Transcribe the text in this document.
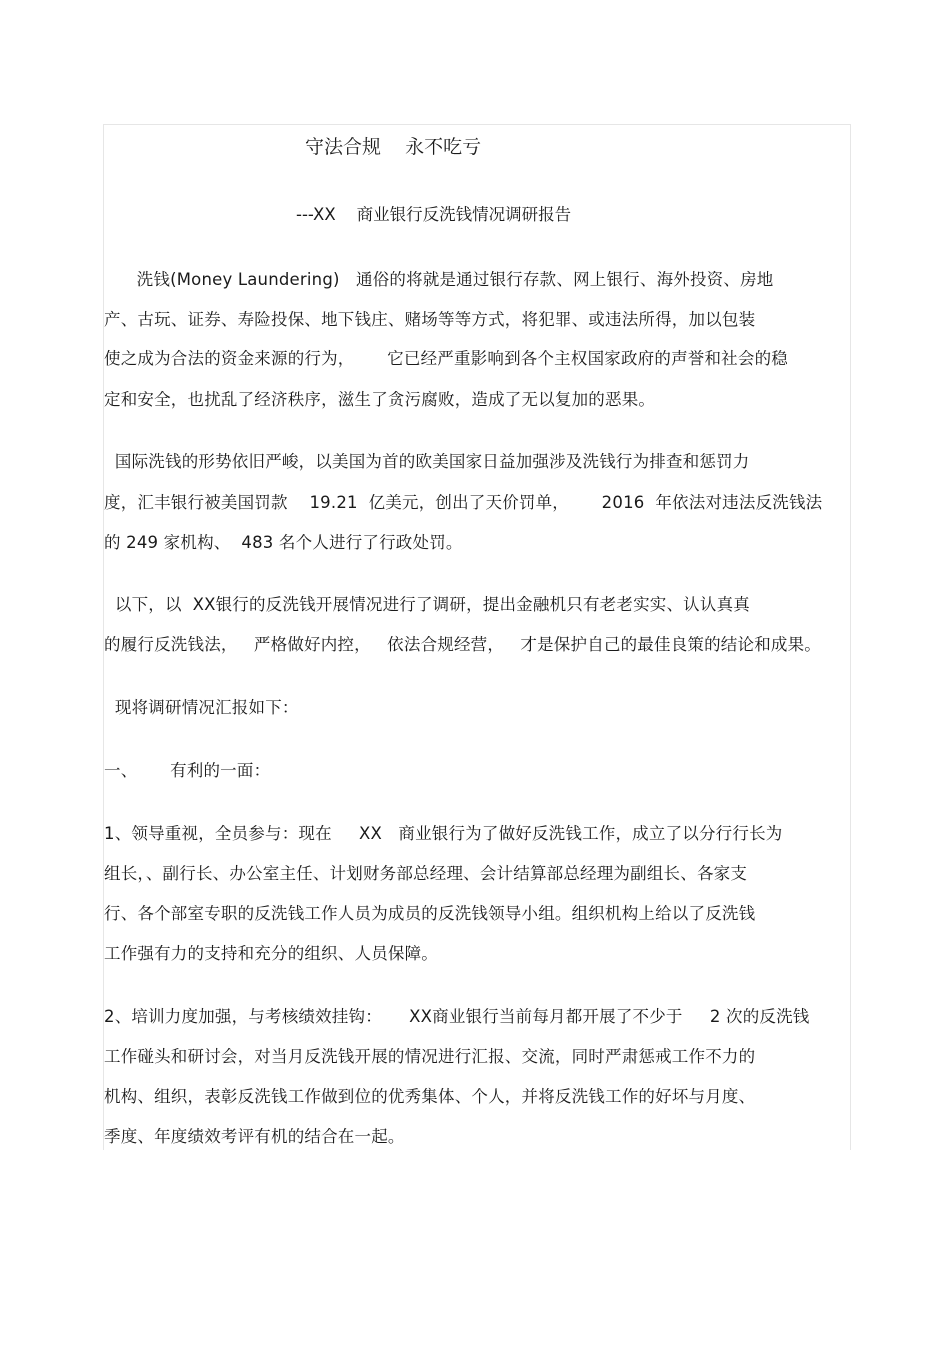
守法合规    永不吃亏
---XX    商业银行反洗钱情况调研报告
洗钱(Money Laundering)   通俗的将就是通过银行存款、网上银行、海外投资、房地
产、古玩、证券、寿险投保、地下钱庄、赌场等等方式，将犯罪、或违法所得，加以包装
使之成为合法的资金来源的行为，      它已经严重影响到各个主权国家政府的声誉和社会的稳
定和安全，也扰乱了经济秩序，滋生了贪污腐败，造成了无以复加的恶果。
国际洗钱的形势依旧严峻，以美国为首的欧美国家日益加强涉及洗钱行为排查和惩罚力
度，汇丰银行被美国罚款    19.21  亿美元，创出了天价罚单，      2016  年依法对违法反洗钱法
的 249 家机构、  483 名个人进行了行政处罚。
以下，以  XX银行的反洗钱开展情况进行了调研，提出金融机只有老老实实、认认真真
的履行反洗钱法，   严格做好内控，   依法合规经营，   才是保护自己的最佳良策的结论和成果。
现将调研情况汇报如下：
一、      有利的一面：
1、领导重视，全员参与：现在     XX   商业银行为了做好反洗钱工作，成立了以分行行长为
组长，、副行长、办公室主任、计划财务部总经理、会计结算部总经理为副组长、各家支
行、各个部室专职的反洗钱工作人员为成员的反洗钱领导小组。组织机构上给以了反洗钱
工作强有力的支持和充分的组织、人员保障。
2、培训力度加强，与考核绩效挂钩：     XX商业银行当前每月都开展了不少于     2 次的反洗钱
工作碰头和研讨会，对当月反洗钱开展的情况进行汇报、交流，同时严肃惩戒工作不力的
机构、组织，表彰反洗钱工作做到位的优秀集体、个人，并将反洗钱工作的好坏与月度、
季度、年度绩效考评有机的结合在一起。
